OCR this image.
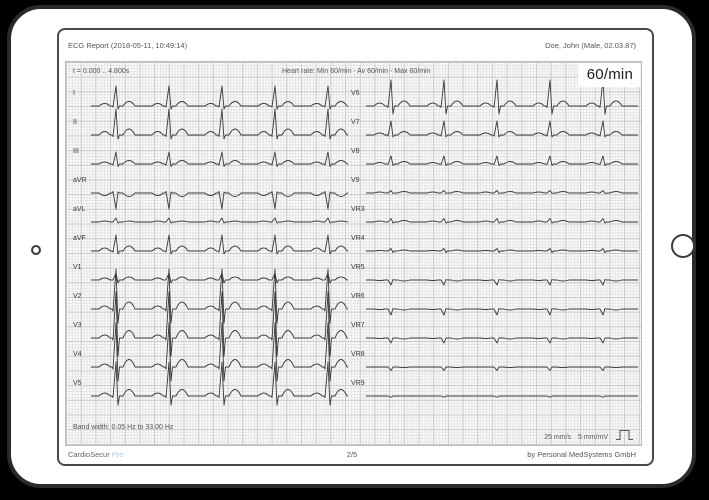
ECG Report (2018-05-11, 10:49:14)	Doe, John (Male, 02.03.87)
t = 0.000 .. 4.800s	Heart rate: Min 60/min - Av 60/min - Max 60/min	60/min
Band width: 0.05 Hz to 33.00 Hz
25 mm/s 5 mm/mV
I
II
III
aVR
aVL
aVF
V1
V2
V3
V4
V5
V6
V7
V8
V9
VR3
VR4
VR5
VR6
VR7
VR8
VR9
CardioSecur Pro	2/5	by Personal MedSystems GmbH
